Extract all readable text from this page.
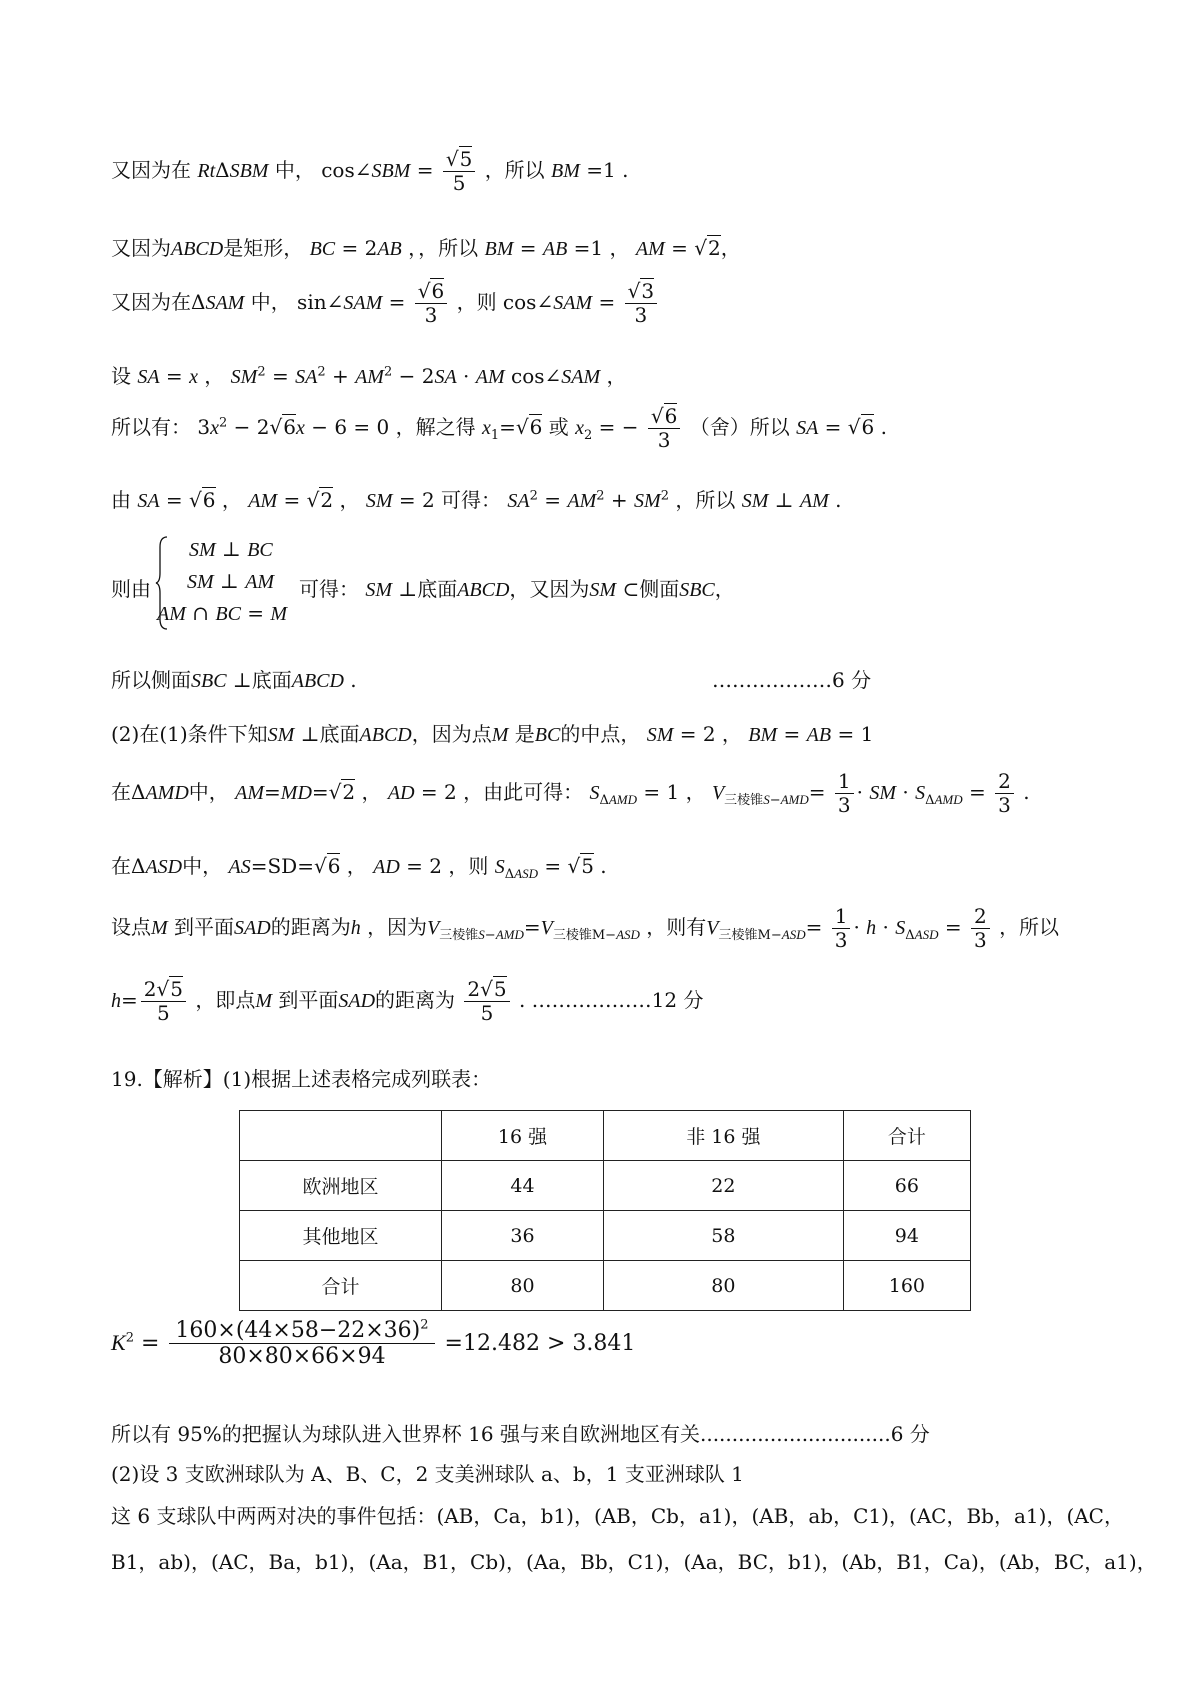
又因为在 RtΔSBM 中， cos∠SBM = $\frac{√5}{5}$ ，所以 BM =1 .
又因为ABCD是矩形， BC = 2AB ，，所以 BM = AB =1 ， AM = √2，
又因为在ΔSAM 中， sin∠SAM = $\frac{√6}{3}$ ，则 cos∠SAM = $\frac{√3}{3}$
设 SA = x ， $SM^2 = SA^2 + AM^2 - 2SA$ · AM cos∠SAM ，
所以有： $3x^2 - 2√6x - 6 = 0$ ，解之得 $x_1=√6$ 或 $x_2$ = − $\frac{√6}{3}$ （舍）所以 SA = √6 .
由 SA = √6 ， AM = √2 ， SM = 2 可得： $SA^2 = AM^2 + SM^2$ ，所以 SM ⊥ AM .
则由
SM ⊥ BC
SM ⊥ AM
AM ∩ BC = M
可得： SM ⊥底面ABCD，又因为SM ⊂侧面SBC，
所以侧面SBC ⊥底面ABCD .	………………6 分
(2)在(1)条件下知SM ⊥底面ABCD，因为点M 是BC的中点， SM = 2 ， BM = AB = 1
在ΔAMD中， AM=MD=√2 ， AD = 2 ，由此可得： $S_{\Delta AMD} = 1$ ， $V_{三棱锥S-AMD}= \frac{1}{3}$ · SM · $S_{\Delta AMD} = \frac{2}{3}$ .
在ΔASD中， AS=SD=√6 ， AD = 2 ，则 $S_{\Delta ASD} = √5$ .
设点M 到平面SAD的距离为h ，因为$V_{三棱锥S-AMD}=V_{三棱锥M-ASD}$ ，则有$V_{三棱锥M-ASD}= \frac{1}{3} \cdot h \cdot S_{\Delta ASD} = \frac{2}{3}$ ，所以
$h= \frac{2√5}{5}$ ，即点M 到平面SAD的距离为 $\frac{2√5}{5}$ . ………………12 分
19.【解析】(1)根据上述表格完成列联表：
	16 强	非 16 强	合计
欧洲地区	44	22	66
其他地区	36	58	94
合计	80	80	160
$K^2 = \frac{160\times(44\times 58-22\times 36)^2}{80\times 80\times 66\times 94} =12.482 > 3.841$
所以有 95%的把握认为球队进入世界杯 16 强与来自欧洲地区有关..............................6 分
(2)设 3 支欧洲球队为 A、B、C，2 支美洲球队 a、b，1 支亚洲球队 1
这 6 支球队中两两对决的事件包括：(AB，Ca，b1)，(AB，Cb，a1)，(AB，ab，C1)，(AC，Bb，a1)，(AC，
B1，ab)，(AC，Ba，b1)，(Aa，B1，Cb)，(Aa，Bb，C1)，(Aa，BC，b1)，(Ab，B1，Ca)，(Ab，BC，a1)，
